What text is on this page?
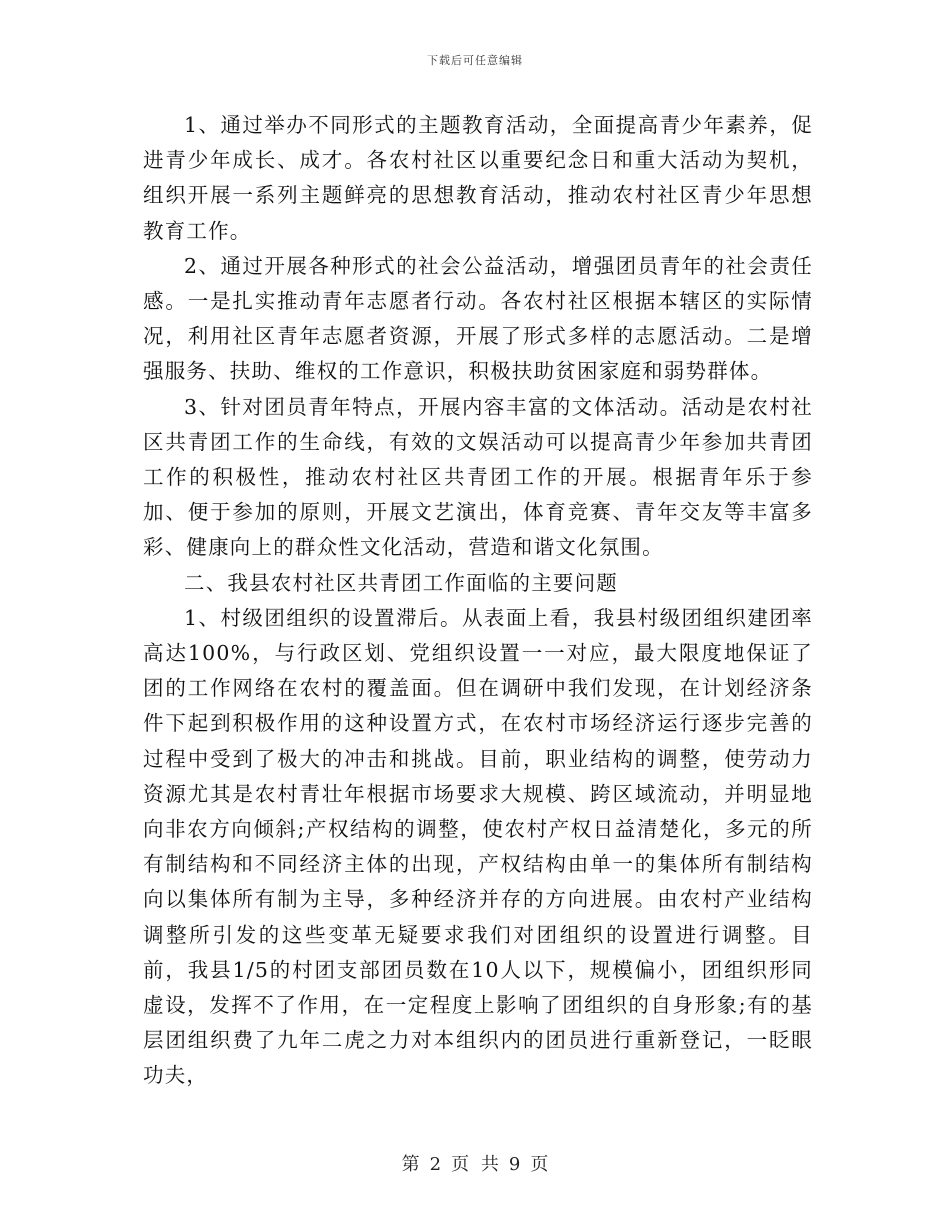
下载后可任意编辑

1、通过举办不同形式的主题教育活动，全面提高青少年素养，促进青少年成长、成才。各农村社区以重要纪念日和重大活动为契机，组织开展一系列主题鲜亮的思想教育活动，推动农村社区青少年思想教育工作。

2、通过开展各种形式的社会公益活动，增强团员青年的社会责任感。一是扎实推动青年志愿者行动。各农村社区根据本辖区的实际情况，利用社区青年志愿者资源，开展了形式多样的志愿活动。二是增强服务、扶助、维权的工作意识，积极扶助贫困家庭和弱势群体。

3、针对团员青年特点，开展内容丰富的文体活动。活动是农村社区共青团工作的生命线，有效的文娱活动可以提高青少年参加共青团工作的积极性，推动农村社区共青团工作的开展。根据青年乐于参加、便于参加的原则，开展文艺演出，体育竞赛、青年交友等丰富多彩、健康向上的群众性文化活动，营造和谐文化氛围。

二、我县农村社区共青团工作面临的主要问题

1、村级团组织的设置滞后。从表面上看，我县村级团组织建团率高达100%，与行政区划、党组织设置一一对应，最大限度地保证了团的工作网络在农村的覆盖面。但在调研中我们发现，在计划经济条件下起到积极作用的这种设置方式，在农村市场经济运行逐步完善的过程中受到了极大的冲击和挑战。目前，职业结构的调整，使劳动力资源尤其是农村青壮年根据市场要求大规模、跨区域流动，并明显地向非农方向倾斜;产权结构的调整，使农村产权日益清楚化，多元的所有制结构和不同经济主体的出现，产权结构由单一的集体所有制结构向以集体所有制为主导，多种经济并存的方向进展。由农村产业结构调整所引发的这些变革无疑要求我们对团组织的设置进行调整。目前，我县1/5的村团支部团员数在10人以下，规模偏小，团组织形同虚设，发挥不了作用，在一定程度上影响了团组织的自身形象;有的基层团组织费了九年二虎之力对本组织内的团员进行重新登记，一眨眼功夫，

第 2 页 共 9 页
